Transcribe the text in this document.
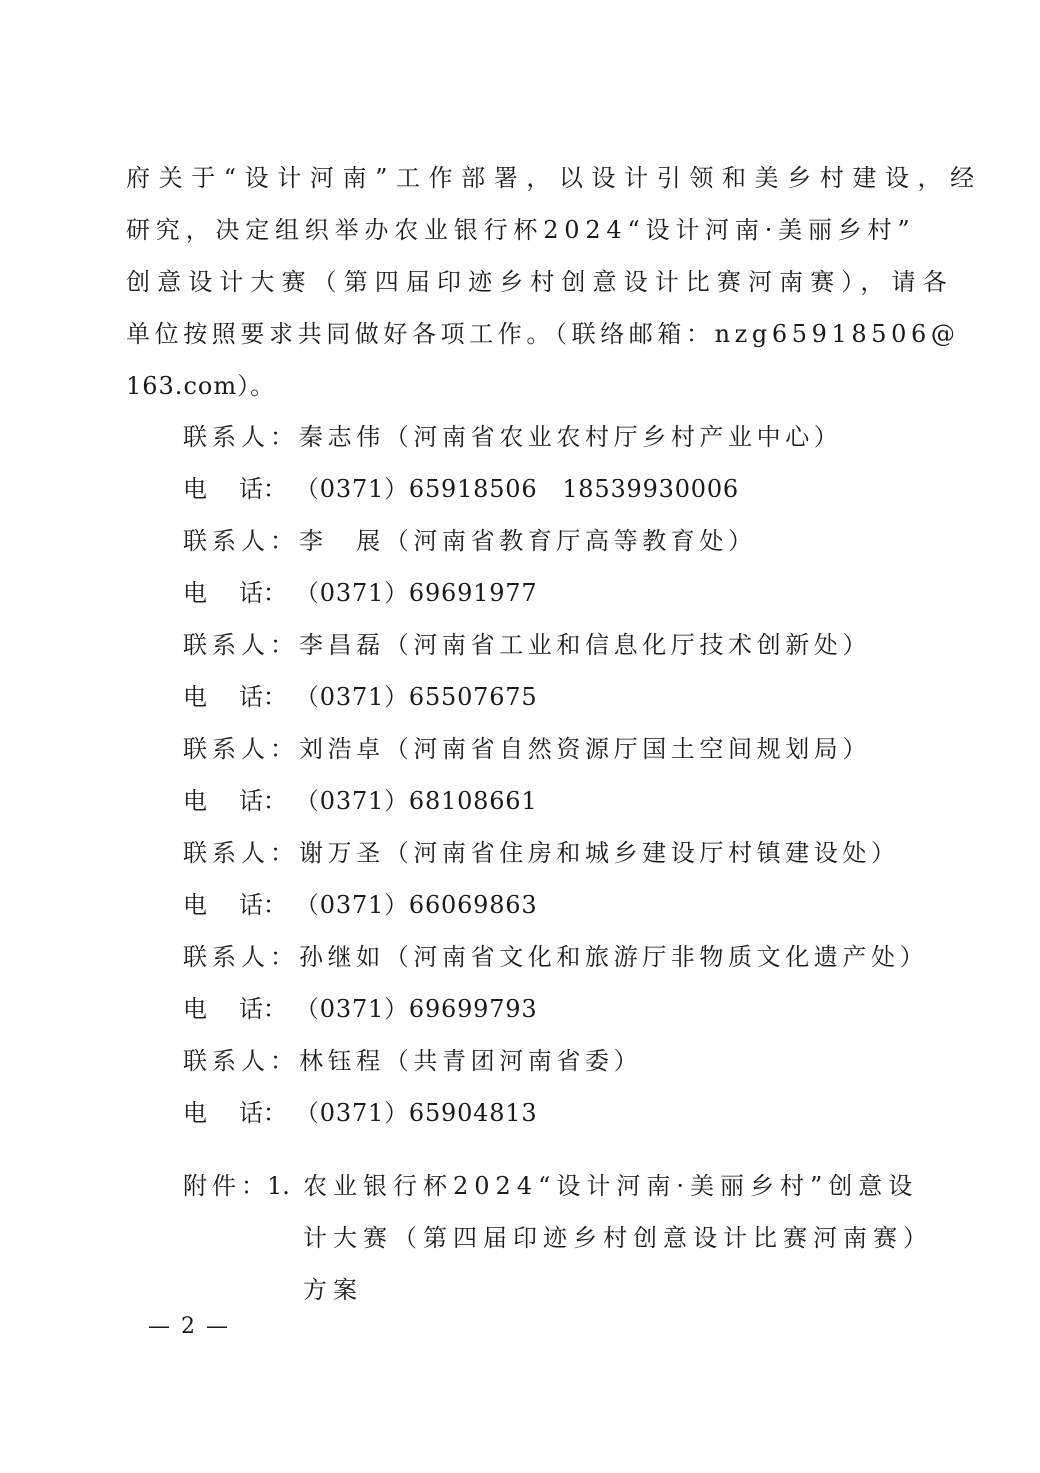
府关于“设计河南”工作部署，以设计引领和美乡村建设，经
研究，决定组织举办农业银行杯2024“设计河南·美丽乡村”
创意设计大赛（第四届印迹乡村创意设计比赛河南赛），请各
单位按照要求共同做好各项工作。（联络邮箱：nzg65918506@
163.com）。
联系人：秦志伟（河南省农业农村厅乡村产业中心）
电 话： （0371）65918506　18539930006
联系人：李　展（河南省教育厅高等教育处）
电 话： （0371）69691977
联系人：李昌磊（河南省工业和信息化厅技术创新处）
电 话： （0371）65507675
联系人：刘浩卓（河南省自然资源厅国土空间规划局）
电 话： （0371）68108661
联系人：谢万圣（河南省住房和城乡建设厅村镇建设处）
电 话： （0371）66069863
联系人：孙继如（河南省文化和旅游厅非物质文化遗产处）
电 话： （0371）69699793
联系人：林钰程（共青团河南省委）
电 话： （0371）65904813
附件：
1. 农业银行杯2024“设计河南·美丽乡村”创意设
计大赛（第四届印迹乡村创意设计比赛河南赛）
方案
— 2 —
